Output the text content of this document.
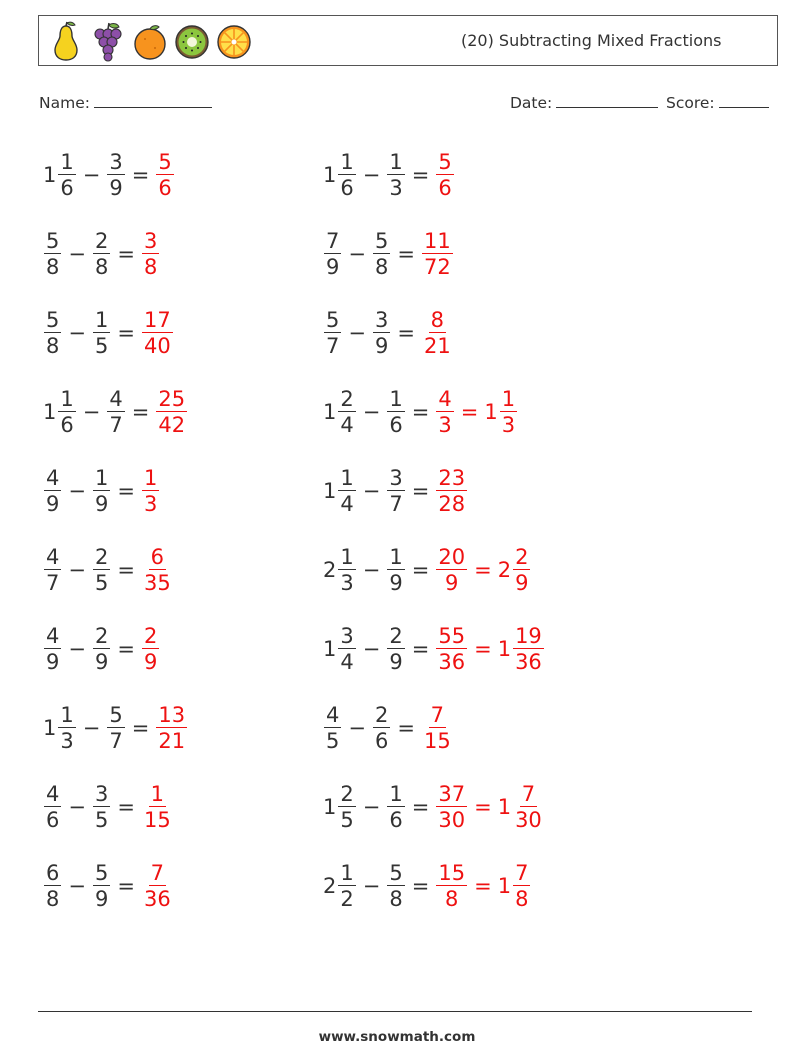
(20) Subtracting Mixed Fractions
Name:	Date:	Score:
$1 \frac{1}{6} - \frac{3}{9} = \frac{5}{6}$	$1 \frac{1}{6} - \frac{1}{3} = \frac{5}{6}$
$\frac{5}{8} - \frac{2}{8} = \frac{3}{8}$	$\frac{7}{9} - \frac{5}{8} = \frac{11}{72}$
$\frac{5}{8} - \frac{1}{5} = \frac{17}{40}$	$\frac{5}{7} - \frac{3}{9} = \frac{8}{21}$
$1 \frac{1}{6} - \frac{4}{7} = \frac{25}{42}$	$1 \frac{2}{4} - \frac{1}{6} = \frac{4}{3} = 1 \frac{1}{3}$
$\frac{4}{9} - \frac{1}{9} = \frac{1}{3}$	$1 \frac{1}{4} - \frac{3}{7} = \frac{23}{28}$
$\frac{4}{7} - \frac{2}{5} = \frac{6}{35}$	$2 \frac{1}{3} - \frac{1}{9} = \frac{20}{9} = 2 \frac{2}{9}$
$\frac{4}{9} - \frac{2}{9} = \frac{2}{9}$	$1 \frac{3}{4} - \frac{2}{9} = \frac{55}{36} = 1 \frac{19}{36}$
$1 \frac{1}{3} - \frac{5}{7} = \frac{13}{21}$	$\frac{4}{5} - \frac{2}{6} = \frac{7}{15}$
$\frac{4}{6} - \frac{3}{5} = \frac{1}{15}$	$1 \frac{2}{5} - \frac{1}{6} = \frac{37}{30} = 1 \frac{7}{30}$
$\frac{6}{8} - \frac{5}{9} = \frac{7}{36}$	$2 \frac{1}{2} - \frac{5}{8} = \frac{15}{8} = 1 \frac{7}{8}$
www.snowmath.com
